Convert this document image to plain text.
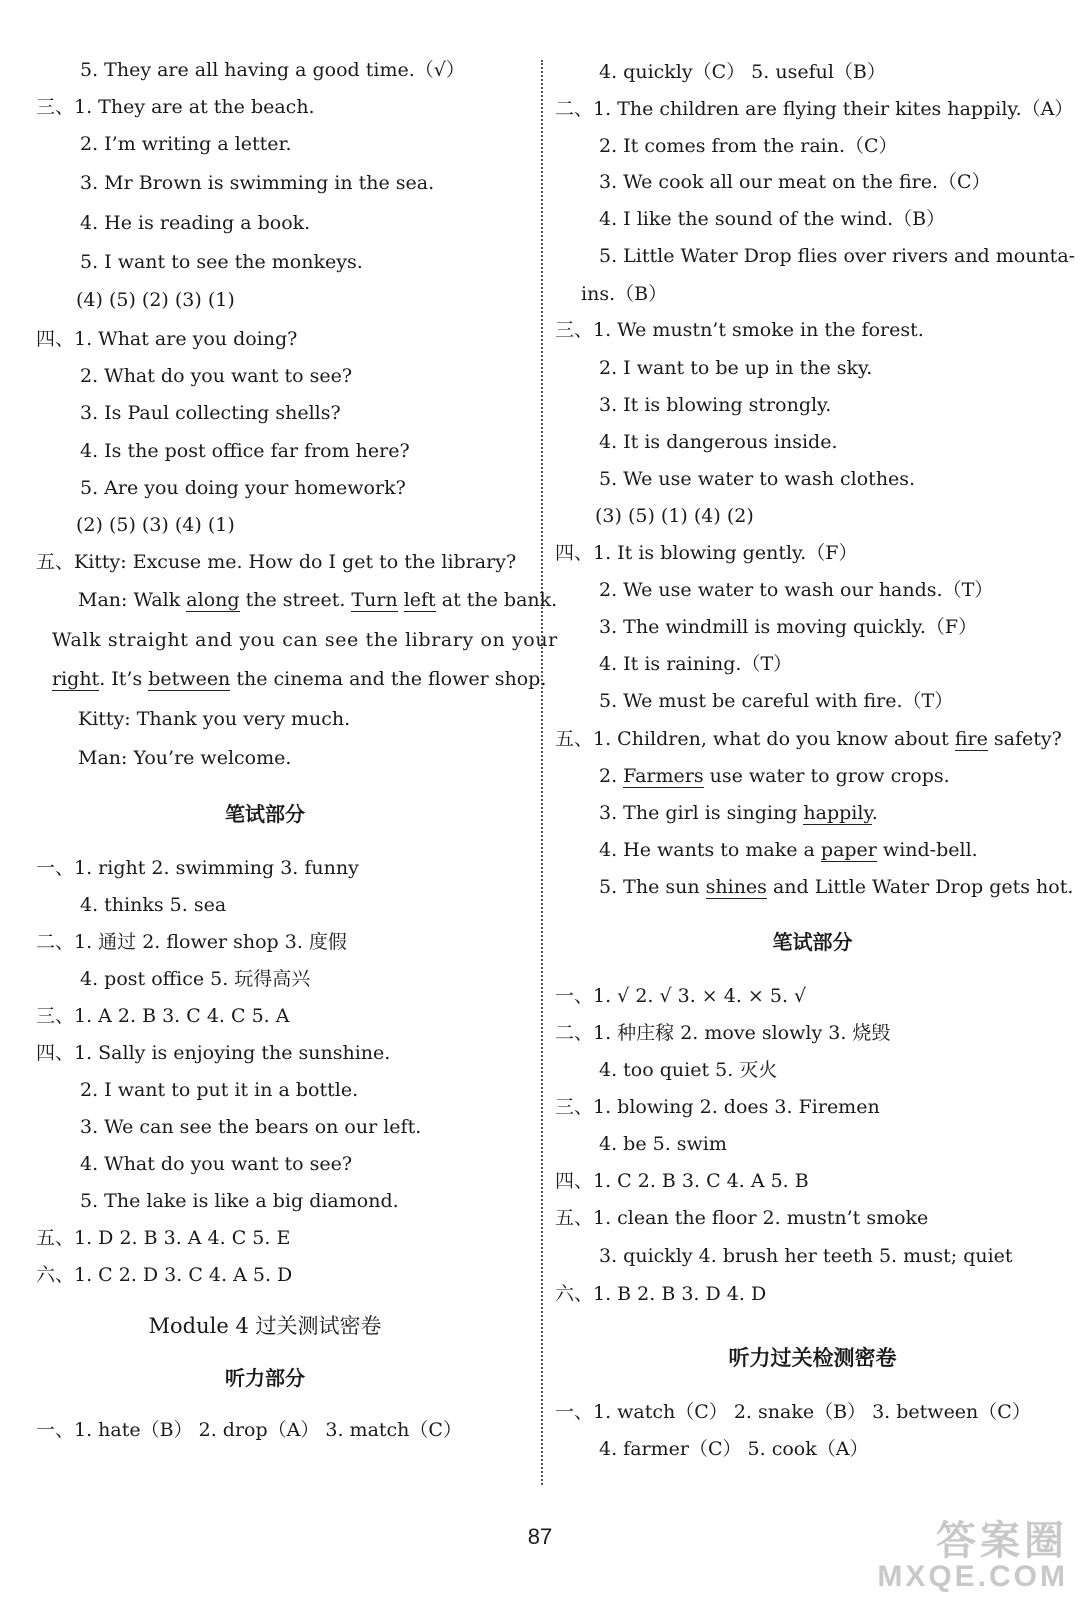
5. They are all having a good time.（√）
三、1. They are at the beach.
2. I’m writing a letter.
3. Mr Brown is swimming in the sea.
4. He is reading a book.
5. I want to see the monkeys.
(4) (5) (2) (3) (1)
四、1. What are you doing?
2. What do you want to see?
3. Is Paul collecting shells?
4. Is the post office far from here?
5. Are you doing your homework?
(2) (5) (3) (4) (1)
五、Kitty: Excuse me. How do I get to the library?
Man: Walk along the street. Turn left at the bank.
Walk straight and you can see the library on your
right. It’s between the cinema and the flower shop.
Kitty: Thank you very much.
Man: You’re welcome.
笔试部分
一、1. right 2. swimming 3. funny
4. thinks 5. sea
二、1. 通过 2. flower shop 3. 度假
4. post office 5. 玩得高兴
三、1. A 2. B 3. C 4. C 5. A
四、1. Sally is enjoying the sunshine.
2. I want to put it in a bottle.
3. We can see the bears on our left.
4. What do you want to see?
5. The lake is like a big diamond.
五、1. D 2. B 3. A 4. C 5. E
六、1. C 2. D 3. C 4. A 5. D
Module 4 过关测试密卷
听力部分
一、1. hate（B） 2. drop（A） 3. match（C）
4. quickly（C） 5. useful（B）
二、1. The children are flying their kites happily.（A）
2. It comes from the rain.（C）
3. We cook all our meat on the fire.（C）
4. I like the sound of the wind.（B）
5. Little Water Drop flies over rivers and mounta-
ins.（B）
三、1. We mustn’t smoke in the forest.
2. I want to be up in the sky.
3. It is blowing strongly.
4. It is dangerous inside.
5. We use water to wash clothes.
(3) (5) (1) (4) (2)
四、1. It is blowing gently.（F）
2. We use water to wash our hands.（T）
3. The windmill is moving quickly.（F）
4. It is raining.（T）
5. We must be careful with fire.（T）
五、1. Children, what do you know about fire safety?
2. Farmers use water to grow crops.
3. The girl is singing happily.
4. He wants to make a paper wind-bell.
5. The sun shines and Little Water Drop gets hot.
笔试部分
一、1. √ 2. √ 3. × 4. × 5. √
二、1. 种庄稼 2. move slowly 3. 烧毁
4. too quiet 5. 灭火
三、1. blowing 2. does 3. Firemen
4. be 5. swim
四、1. C 2. B 3. C 4. A 5. B
五、1. clean the floor 2. mustn’t smoke
3. quickly 4. brush her teeth 5. must; quiet
六、1. B 2. B 3. D 4. D
听力过关检测密卷
一、1. watch（C） 2. snake（B） 3. between（C）
4. farmer（C） 5. cook（A）
87	答案圈
MXQE.COM
